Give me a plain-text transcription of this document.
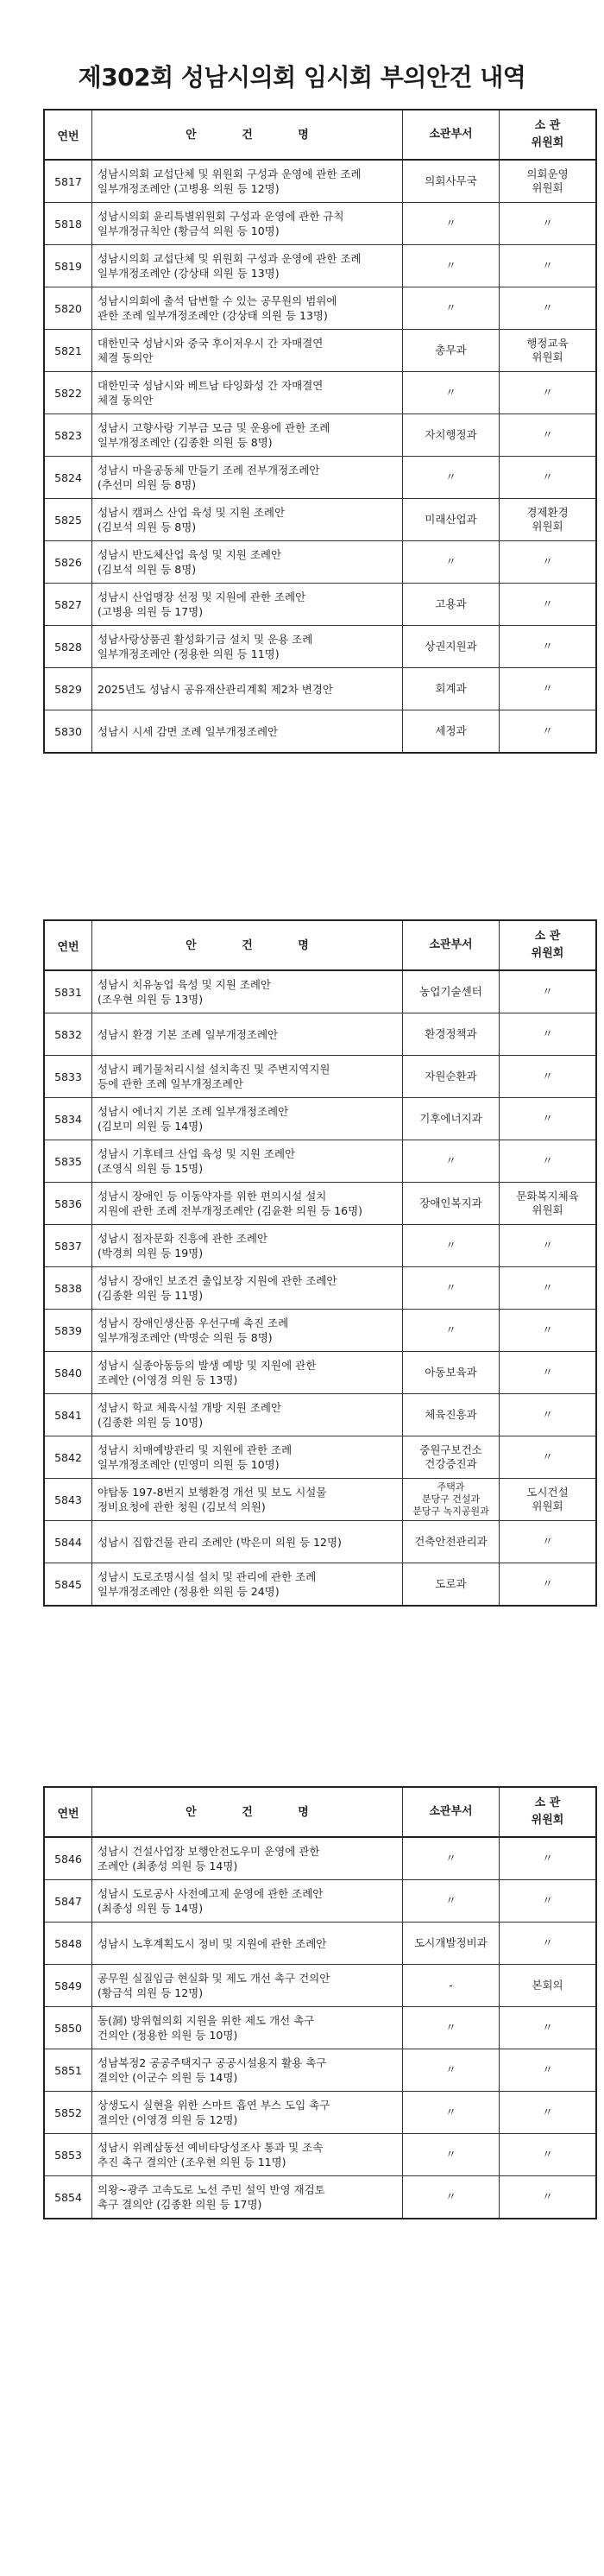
제302회 성남시의회 임시회 부의안건 내역
연번	안 건 명	소관부서	소 관
위원회
5817	성남시의회 교섭단체 및 위원회 구성과 운영에 관한 조례
일부개정조례안 (고병용 의원 등 12명)	의회사무국	의회운영
위원회
5818	성남시의회 윤리특별위원회 구성과 운영에 관한 규칙
일부개정규칙안 (황금석 의원 등 10명)	〃	〃
5819	성남시의회 교섭단체 및 위원회 구성과 운영에 관한 조례
일부개정조례안 (강상태 의원 등 13명)	〃	〃
5820	성남시의회에 출석 답변할 수 있는 공무원의 범위에
관한 조례 일부개정조례안 (강상태 의원 등 13명)	〃	〃
5821	대한민국 성남시와 중국 후이저우시 간 자매결연
체결 동의안	총무과	행정교육
위원회
5822	대한민국 성남시와 베트남 타잉화성 간 자매결연
체결 동의안	〃	〃
5823	성남시 고향사랑 기부금 모금 및 운용에 관한 조례
일부개정조례안 (김종환 의원 등 8명)	자치행정과	〃
5824	성남시 마을공동체 만들기 조례 전부개정조례안
(추선미 의원 등 8명)	〃	〃
5825	성남시 캠퍼스 산업 육성 및 지원 조례안
(김보석 의원 등 8명)	미래산업과	경제환경
위원회
5826	성남시 반도체산업 육성 및 지원 조례안
(김보석 의원 등 8명)	〃	〃
5827	성남시 산업맹장 선정 및 지원에 관한 조례안
(고병용 의원 등 17명)	고용과	〃
5828	성남사랑상품권 활성화기금 설치 및 운용 조례
일부개정조례안 (정용한 의원 등 11명)	상권지원과	〃
5829	2025년도 성남시 공유재산관리계획 제2차 변경안	회계과	〃
5830	성남시 시세 감면 조례 일부개정조례안	세정과	〃
연번	안 건 명	소관부서	소 관
위원회
5831	성남시 치유농업 육성 및 지원 조례안
(조우현 의원 등 13명)	농업기술센터	〃
5832	성남시 환경 기본 조례 일부개정조례안	환경정책과	〃
5833	성남시 폐기물처리시설 설치촉진 및 주변지역지원
등에 관한 조례 일부개정조례안	자원순환과	〃
5834	성남시 에너지 기본 조례 일부개정조례안
(김보미 의원 등 14명)	기후에너지과	〃
5835	성남시 기후테크 산업 육성 및 지원 조례안
(조영식 의원 등 15명)	〃	〃
5836	성남시 장애인 등 이동약자를 위한 편의시설 설치
지원에 관한 조례 전부개정조례안 (김윤환 의원 등 16명)	장애인복지과	문화복지체육
위원회
5837	성남시 점자문화 진흥에 관한 조례안
(박경희 의원 등 19명)	〃	〃
5838	성남시 장애인 보조견 출입보장 지원에 관한 조례안
(김종환 의원 등 11명)	〃	〃
5839	성남시 장애인생산품 우선구매 촉진 조례
일부개정조례안 (박명순 의원 등 8명)	〃	〃
5840	성남시 실종아동등의 발생 예방 및 지원에 관한
조례안 (이영경 의원 등 13명)	아동보육과	〃
5841	성남시 학교 체육시설 개방 지원 조례안
(김종환 의원 등 10명)	체육진흥과	〃
5842	성남시 치매예방관리 및 지원에 관한 조례
일부개정조례안 (민영미 의원 등 10명)	중원구보건소
건강증진과	〃
5843	야탑동 197-8번지 보행환경 개선 및 보도 시설물
정비요청에 관한 청원 (김보석 의원)	주택과
분당구 건설과
분당구 녹지공원과	도시건설
위원회
5844	성남시 집합건물 관리 조례안 (박은미 의원 등 12명)	건축안전관리과	〃
5845	성남시 도로조명시설 설치 및 관리에 관한 조례
일부개정조례안 (정용한 의원 등 24명)	도로과	〃
연번	안 건 명	소관부서	소 관
위원회
5846	성남시 건설사업장 보행안전도우미 운영에 관한
조례안 (최종성 의원 등 14명)	〃	〃
5847	성남시 도로공사 사전예고제 운영에 관한 조례안
(최종성 의원 등 14명)	〃	〃
5848	성남시 노후계획도시 정비 및 지원에 관한 조례안	도시개발정비과	〃
5849	공무원 실질임금 현실화 및 제도 개선 촉구 건의안
(황금석 의원 등 12명)	-	본회의
5850	동(洞) 방위협의회 지원을 위한 제도 개선 촉구
건의안 (정용한 의원 등 10명)	〃	〃
5851	성남복정2 공공주택지구 공공시설용지 활용 촉구
결의안 (이군수 의원 등 14명)	〃	〃
5852	상생도시 실현을 위한 스마트 흡연 부스 도입 촉구
결의안 (이영경 의원 등 12명)	〃	〃
5853	성남시 위례삼동선 예비타당성조사 통과 및 조속
추진 촉구 결의안 (조우현 의원 등 11명)	〃	〃
5854	의왕~광주 고속도로 노선 주민 설익 반영 재검토
촉구 결의안 (김종환 의원 등 17명)	〃	〃
